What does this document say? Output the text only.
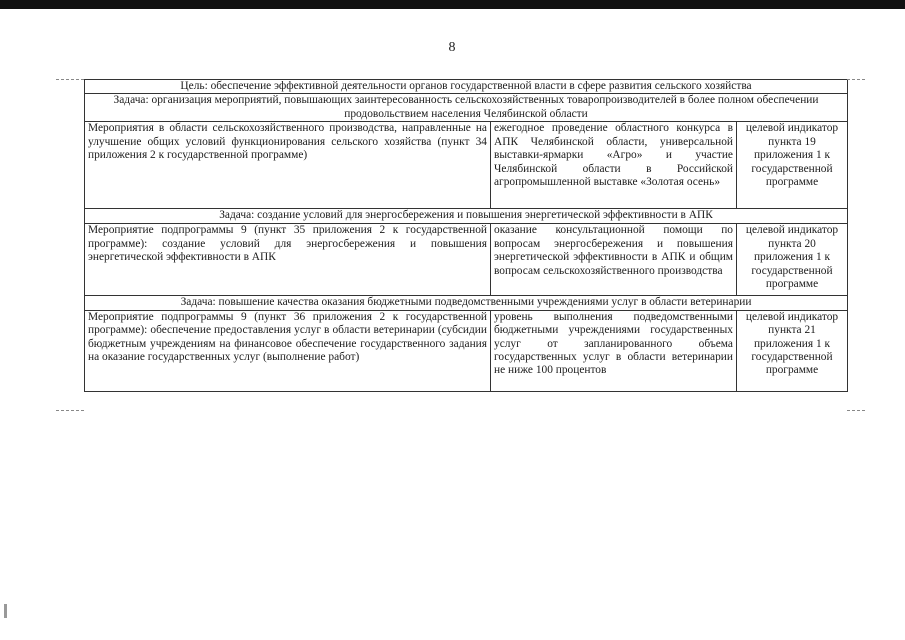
8
Цель: обеспечение эффективной деятельности органов государственной власти в сфере развития сельского хозяйства		
Задача: организация мероприятий, повышающих заинтересованность сельскохозяйственных товаропроизводителей в более полном обеспечении продовольствием населения Челябинской области		
Мероприятия в области сельскохозяйственного производства, направленные на улучшение общих условий функционирования сельского хозяйства (пункт 34 приложения 2 к государственной программе)	ежегодное проведение областного конкурса в АПК Челябинской области, универсальной выставки-ярмарки «Агро» и участие Челябинской области в Российской агропромышленной выставке «Золотая осень»	целевой индикатор пункта 19 приложения 1 к государственной программе
Задача: создание условий для энергосбережения и повышения энергетической эффективности в АПК		
Мероприятие подпрограммы 9 (пункт 35 приложения 2 к государственной программе): создание условий для энергосбережения и повышения энергетической эффективности в АПК	оказание консультационной помощи по вопросам энергосбережения и повышения энергетической эффективности в АПК и общим вопросам сельскохозяйственного производства	целевой индикатор пункта 20 приложения 1 к государственной программе
Задача: повышение качества оказания бюджетными подведомственными учреждениями услуг в области ветеринарии		
Мероприятие подпрограммы 9 (пункт 36 приложения 2 к государственной программе): обеспечение предоставления услуг в области ветеринарии (субсидии бюджетным учреждениям на финансовое обеспечение государственного задания на оказание государственных услуг (выполнение работ)	уровень выполнения подведомственными бюджетными учреждениями государственных услуг от запланированного объема государственных услуг в области ветеринарии не ниже 100 процентов	целевой индикатор пункта 21 приложения 1 к государственной программе
